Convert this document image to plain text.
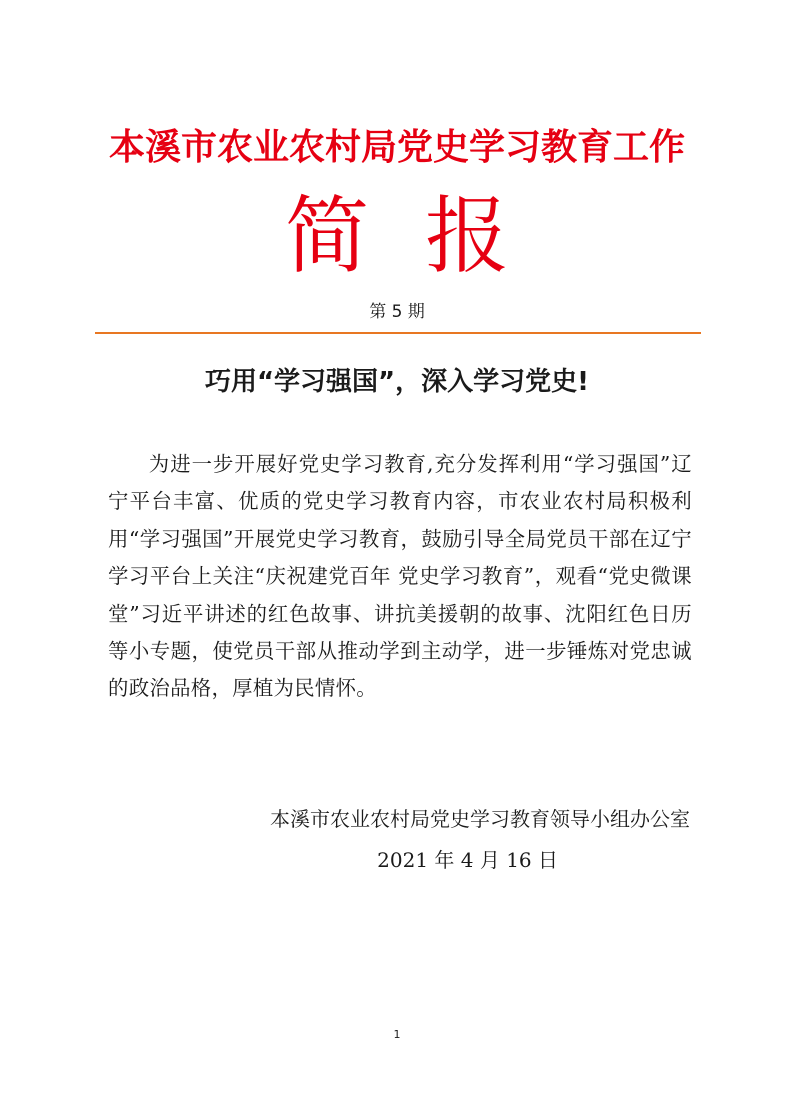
本溪市农业农村局党史学习教育工作
简报
第 5 期
巧用“学习强国”，深入学习党史!

为进一步开展好党史学习教育,充分发挥利用“学习强国”辽宁平台丰富、优质的党史学习教育内容，市农业农村局积极利用“学习强国”开展党史学习教育，鼓励引导全局党员干部在辽宁学习平台上关注“庆祝建党百年 党史学习教育”，观看“党史微课堂”习近平讲述的红色故事、讲抗美援朝的故事、沈阳红色日历等小专题，使党员干部从推动学到主动学，进一步锤炼对党忠诚的政治品格，厚植为民情怀。

本溪市农业农村局党史学习教育领导小组办公室
2021 年 4 月 16 日
1
